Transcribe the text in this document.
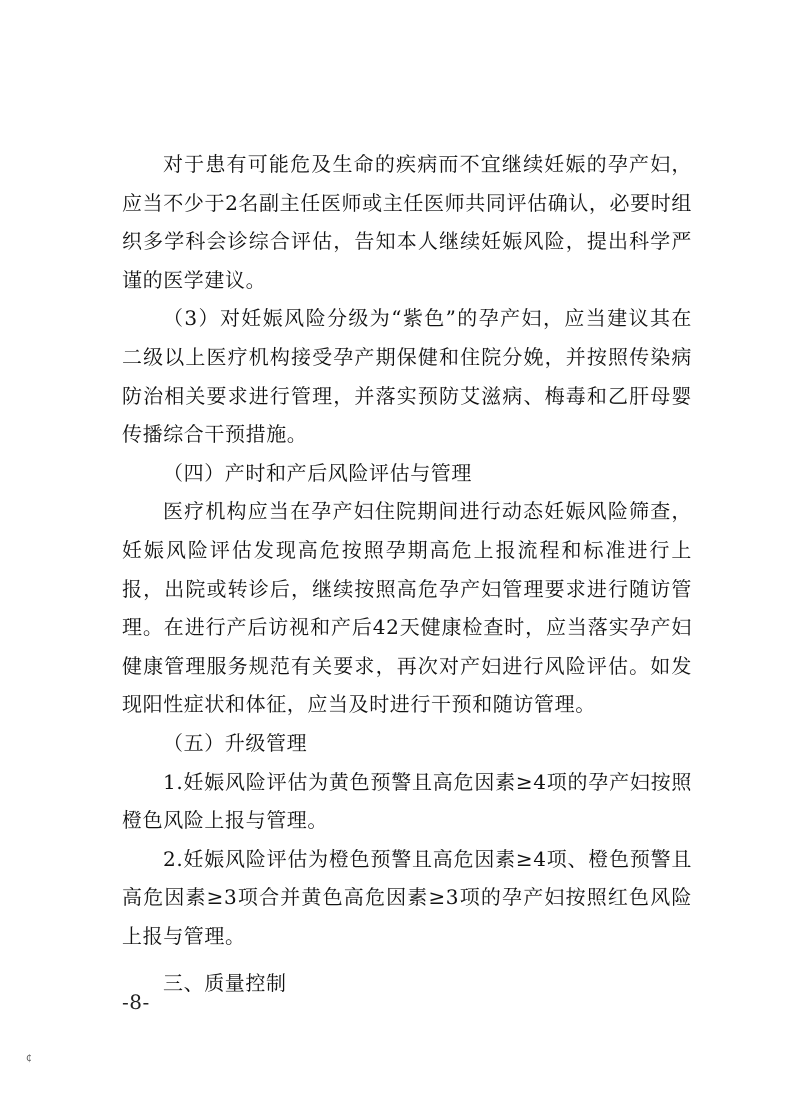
对于患有可能危及生命的疾病而不宜继续妊娠的孕产妇，应当不少于2名副主任医师或主任医师共同评估确认，必要时组织多学科会诊综合评估，告知本人继续妊娠风险，提出科学严谨的医学建议。

（3）对妊娠风险分级为“紫色”的孕产妇，应当建议其在二级以上医疗机构接受孕产期保健和住院分娩，并按照传染病防治相关要求进行管理，并落实预防艾滋病、梅毒和乙肝母婴传播综合干预措施。

（四）产时和产后风险评估与管理

医疗机构应当在孕产妇住院期间进行动态妊娠风险筛查，妊娠风险评估发现高危按照孕期高危上报流程和标准进行上报，出院或转诊后，继续按照高危孕产妇管理要求进行随访管理。在进行产后访视和产后42天健康检查时，应当落实孕产妇健康管理服务规范有关要求，再次对产妇进行风险评估。如发现阳性症状和体征，应当及时进行干预和随访管理。

（五）升级管理

1.妊娠风险评估为黄色预警且高危因素≥4项的孕产妇按照橙色风险上报与管理。

2.妊娠风险评估为橙色预警且高危因素≥4项、橙色预警且高危因素≥3项合并黄色高危因素≥3项的孕产妇按照红色风险上报与管理。

三、质量控制

-8-
₵
